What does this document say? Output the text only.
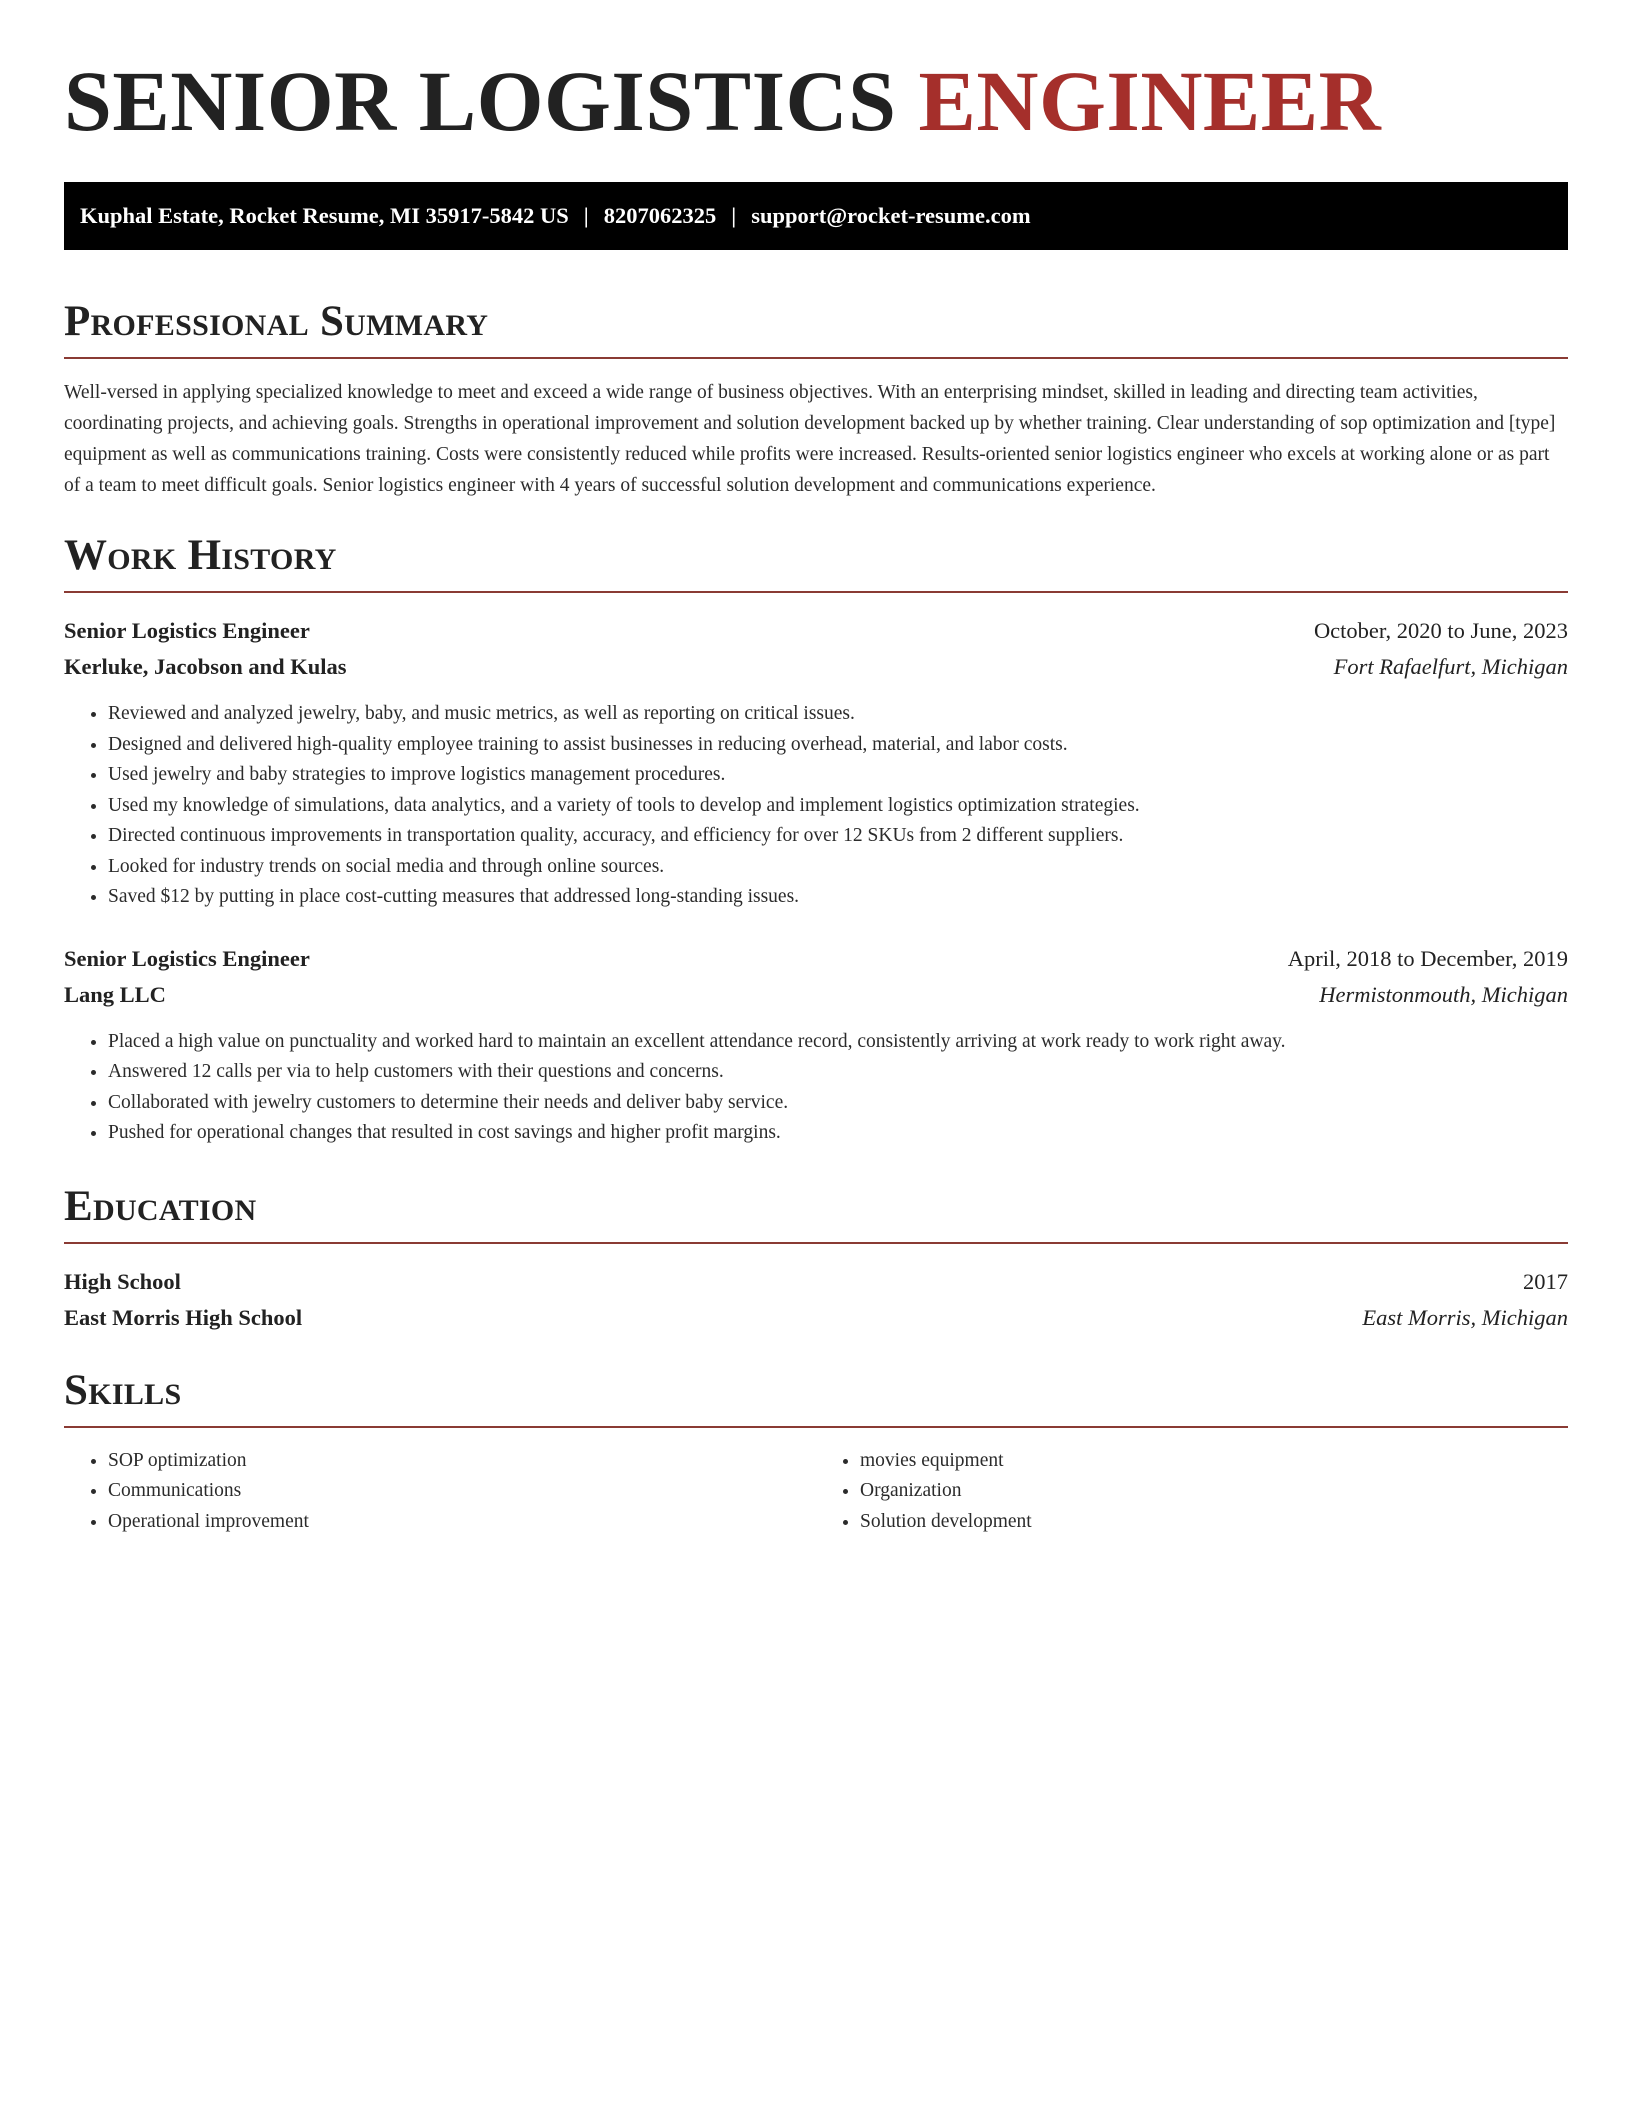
SENIOR LOGISTICS ENGINEER
Kuphal Estate, Rocket Resume, MI 35917-5842 US | 8207062325 | support@rocket-resume.com
Professional Summary

Well-versed in applying specialized knowledge to meet and exceed a wide range of business objectives. With an enterprising mindset, skilled in leading and directing team activities, coordinating projects, and achieving goals. Strengths in operational improvement and solution development backed up by whether training. Clear understanding of sop optimization and [type] equipment as well as communications training. Costs were consistently reduced while profits were increased. Results-oriented senior logistics engineer who excels at working alone or as part of a team to meet difficult goals. Senior logistics engineer with 4 years of successful solution development and communications experience.

Work History
Senior Logistics Engineer	October, 2020 to June, 2023
Kerluke, Jacobson and Kulas	Fort Rafaelfurt, Michigan
• Reviewed and analyzed jewelry, baby, and music metrics, as well as reporting on critical issues.
• Designed and delivered high-quality employee training to assist businesses in reducing overhead, material, and labor costs.
• Used jewelry and baby strategies to improve logistics management procedures.
• Used my knowledge of simulations, data analytics, and a variety of tools to develop and implement logistics optimization strategies.
• Directed continuous improvements in transportation quality, accuracy, and efficiency for over 12 SKUs from 2 different suppliers.
• Looked for industry trends on social media and through online sources.
• Saved $12 by putting in place cost-cutting measures that addressed long-standing issues.
Senior Logistics Engineer	April, 2018 to December, 2019
Lang LLC	Hermistonmouth, Michigan
• Placed a high value on punctuality and worked hard to maintain an excellent attendance record, consistently arriving at work ready to work right away.
• Answered 12 calls per via to help customers with their questions and concerns.
• Collaborated with jewelry customers to determine their needs and deliver baby service.
• Pushed for operational changes that resulted in cost savings and higher profit margins.
Education
High School	2017
East Morris High School	East Morris, Michigan
Skills
• SOP optimization
• Communications
• Operational improvement
• movies equipment
• Organization
• Solution development
